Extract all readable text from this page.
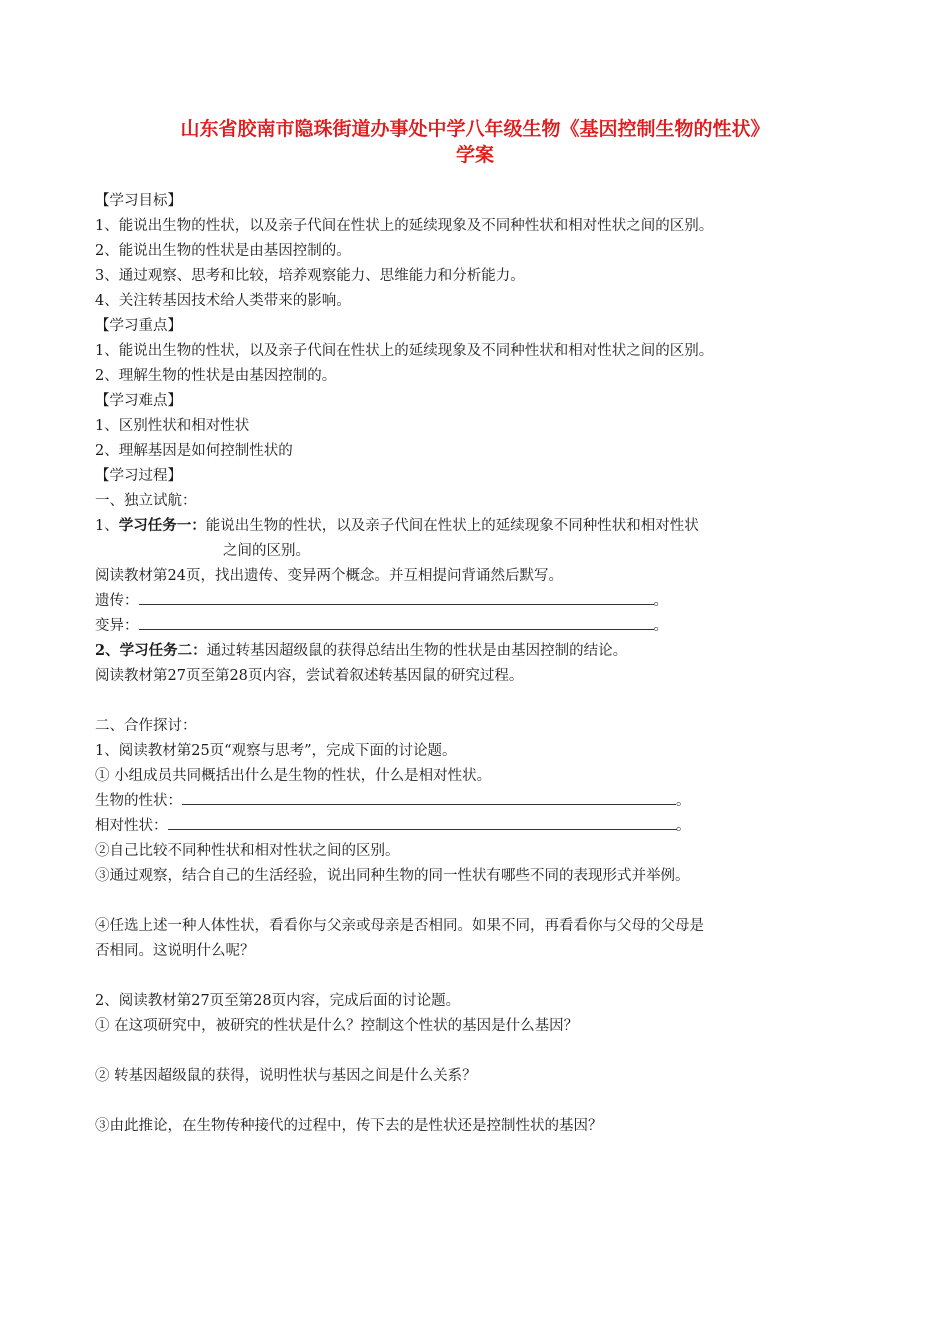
山东省胶南市隐珠街道办事处中学八年级生物《基因控制生物的性状》
学案
【学习目标】
1、能说出生物的性状，以及亲子代间在性状上的延续现象及不同种性状和相对性状之间的区别。
2、能说出生物的性状是由基因控制的。
3、通过观察、思考和比较，培养观察能力、思维能力和分析能力。
4、关注转基因技术给人类带来的影响。
【学习重点】
1、能说出生物的性状，以及亲子代间在性状上的延续现象及不同种性状和相对性状之间的区别。
2、理解生物的性状是由基因控制的。
【学习难点】
1、区别性状和相对性状
2、理解基因是如何控制性状的
【学习过程】
一、独立试航：
1、学习任务一：能说出生物的性状，以及亲子代间在性状上的延续现象不同种性状和相对性状
之间的区别。
阅读教材第24页，找出遗传、变异两个概念。并互相提问背诵然后默写。
遗传：	。
变异：	。
2、学习任务二：通过转基因超级鼠的获得总结出生物的性状是由基因控制的结论。
阅读教材第27页至第28页内容，尝试着叙述转基因鼠的研究过程。
二、合作探讨：
1、阅读教材第25页“观察与思考”，完成下面的讨论题。
① 小组成员共同概括出什么是生物的性状，什么是相对性状。
生物的性状：	。
相对性状：	。
②自己比较不同种性状和相对性状之间的区别。
③通过观察，结合自己的生活经验，说出同种生物的同一性状有哪些不同的表现形式并举例。
④任选上述一种人体性状，看看你与父亲或母亲是否相同。如果不同，再看看你与父母的父母是
否相同。这说明什么呢？
2、阅读教材第27页至第28页内容，完成后面的讨论题。
① 在这项研究中，被研究的性状是什么？控制这个性状的基因是什么基因？
② 转基因超级鼠的获得，说明性状与基因之间是什么关系？
③由此推论，在生物传种接代的过程中，传下去的是性状还是控制性状的基因？
